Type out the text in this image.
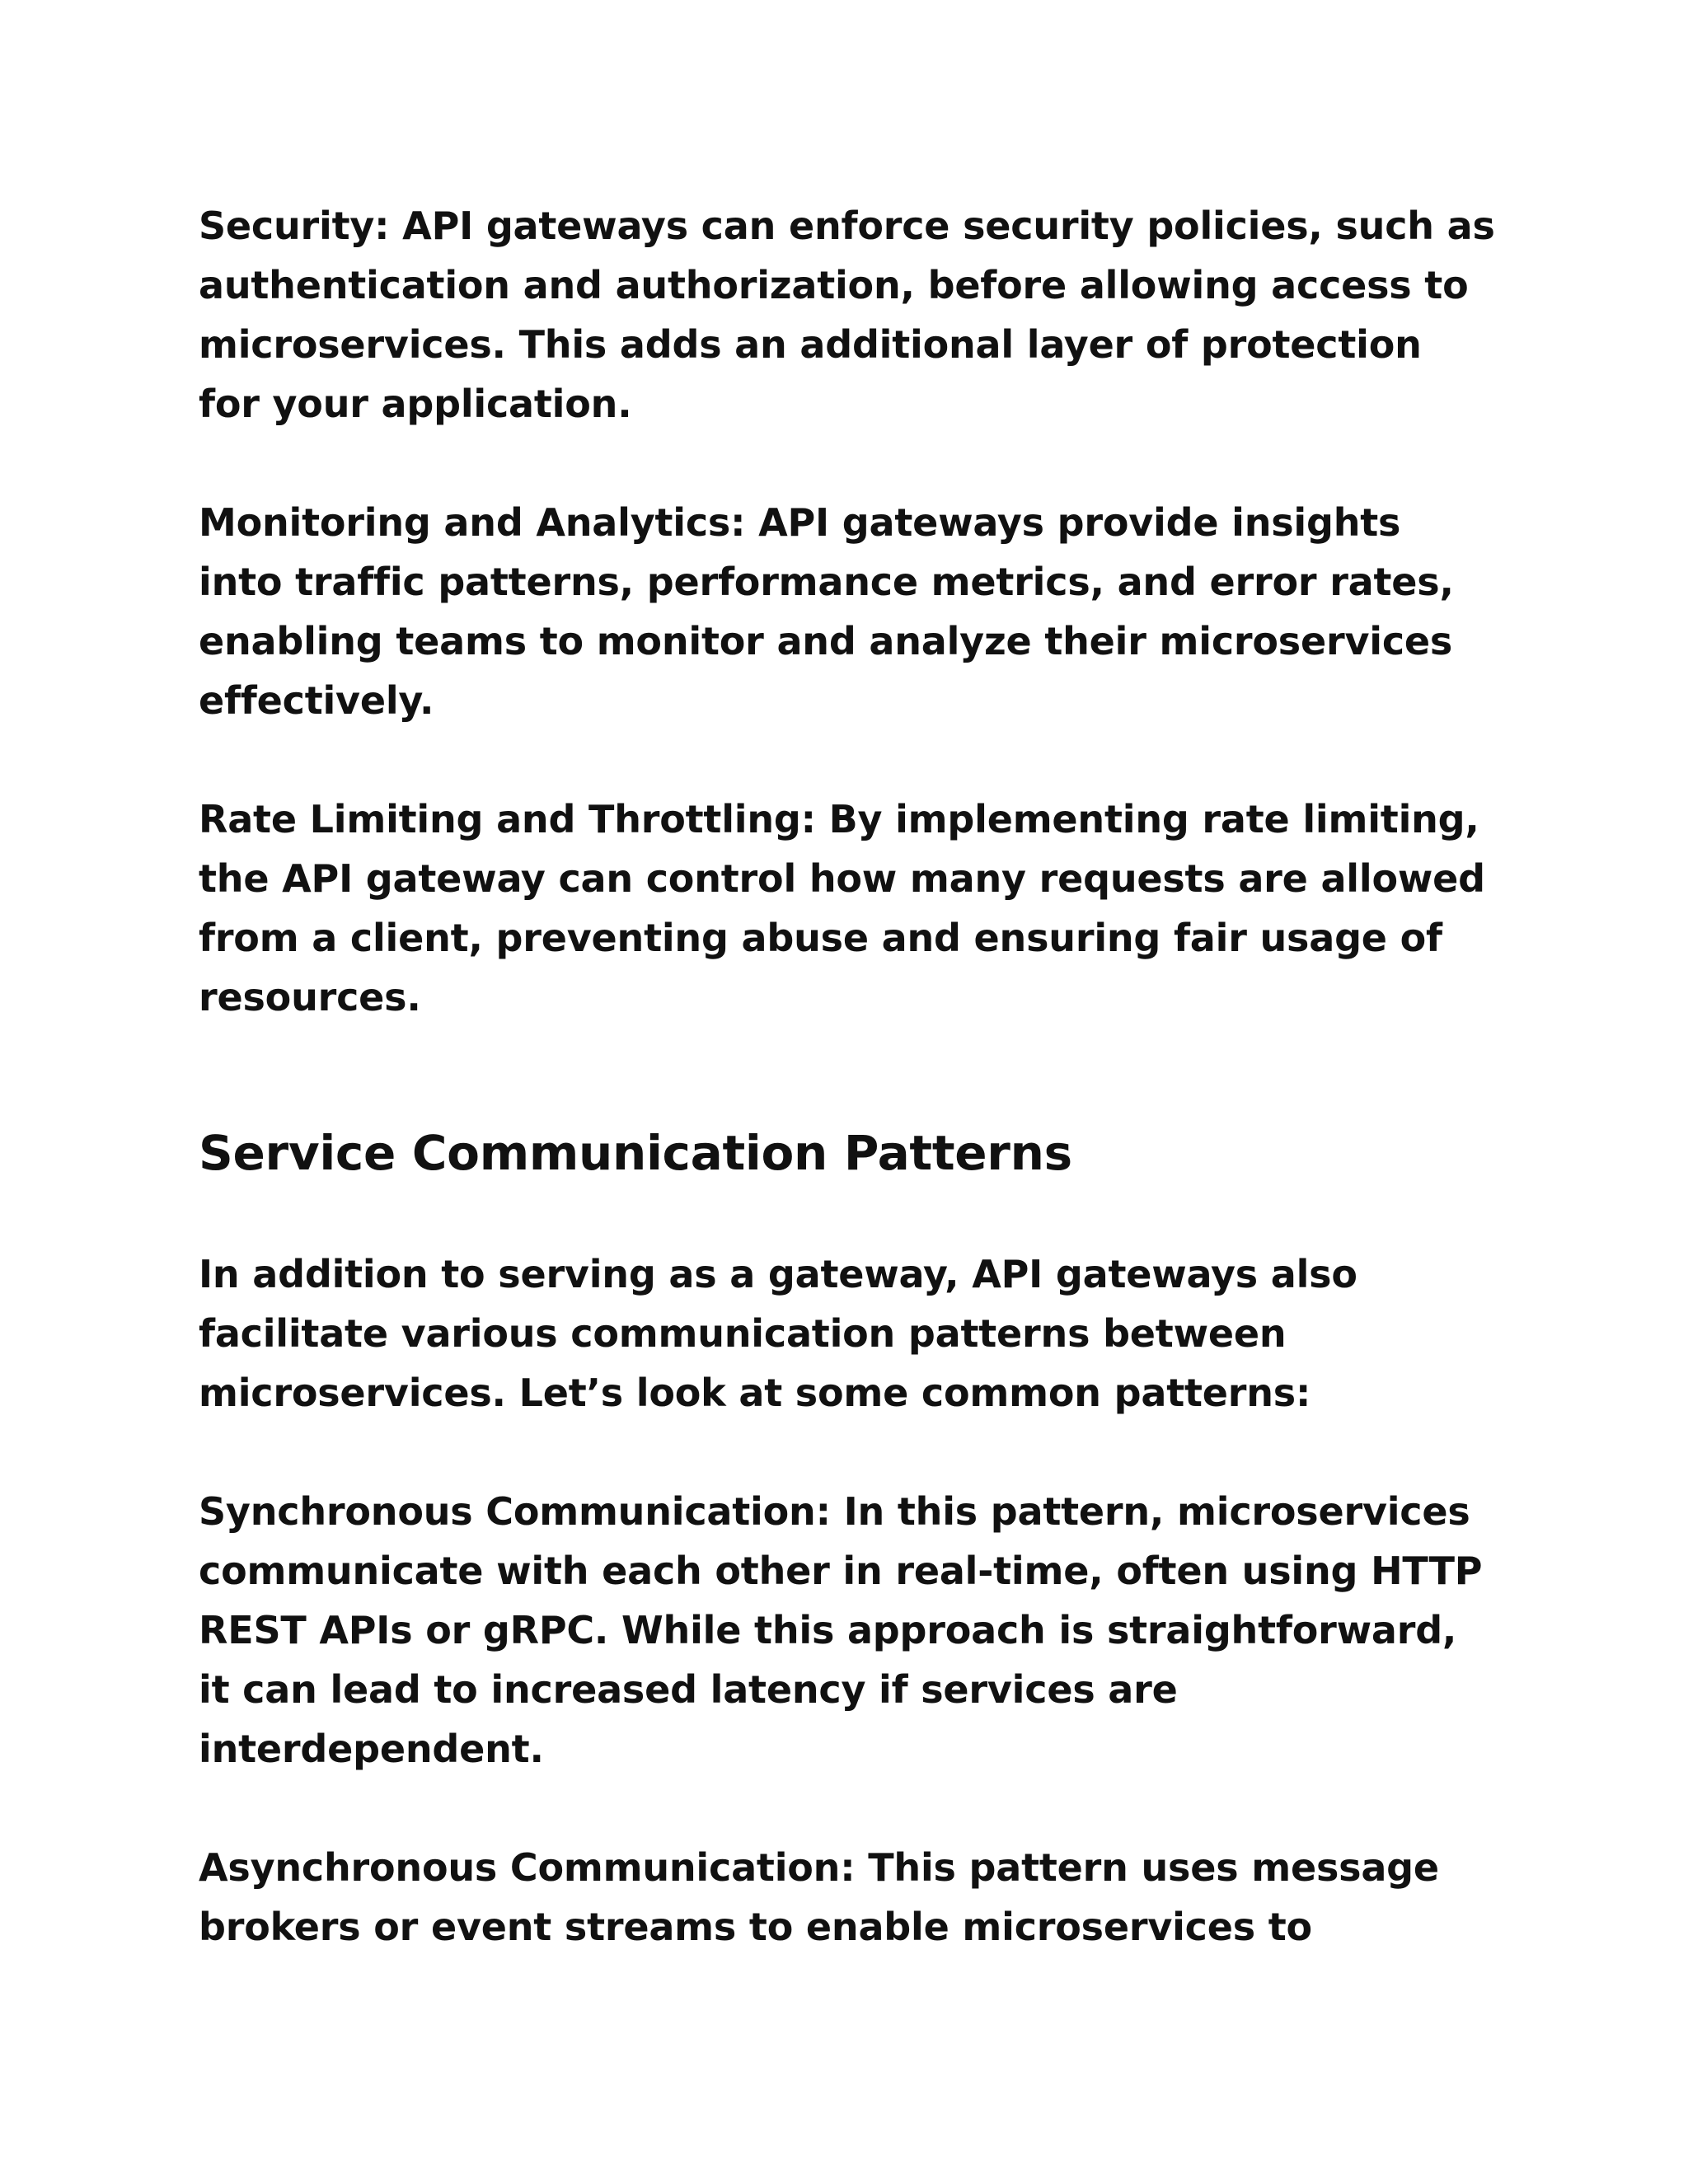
Security: API gateways can enforce security policies, such as
authentication and authorization, before allowing access to
microservices. This adds an additional layer of protection
for your application.

Monitoring and Analytics: API gateways provide insights
into traffic patterns, performance metrics, and error rates,
enabling teams to monitor and analyze their microservices
effectively.

Rate Limiting and Throttling: By implementing rate limiting,
the API gateway can control how many requests are allowed
from a client, preventing abuse and ensuring fair usage of
resources.

Service Communication Patterns

In addition to serving as a gateway, API gateways also
facilitate various communication patterns between
microservices. Let’s look at some common patterns:

Synchronous Communication: In this pattern, microservices
communicate with each other in real-time, often using HTTP
REST APIs or gRPC. While this approach is straightforward,
it can lead to increased latency if services are
interdependent.

Asynchronous Communication: This pattern uses message
brokers or event streams to enable microservices to
